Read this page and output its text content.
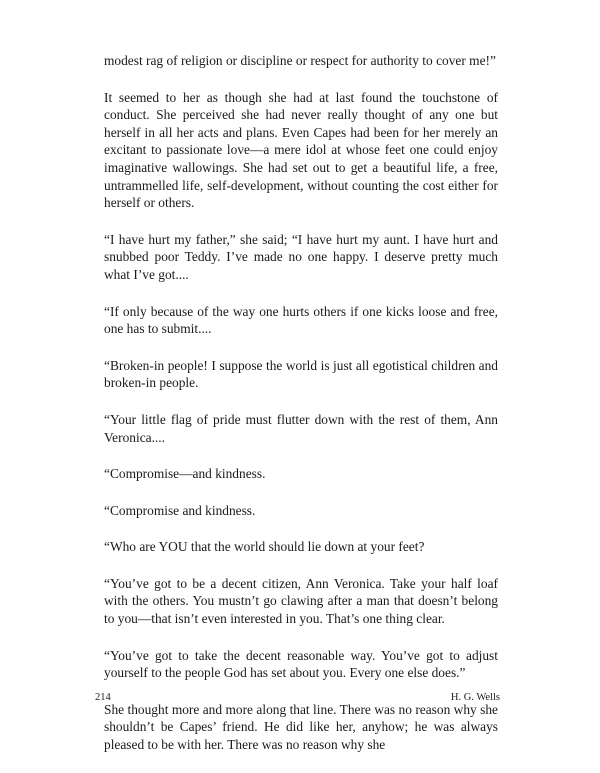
modest rag of religion or discipline or respect for authority to cover me!”

It seemed to her as though she had at last found the touchstone of conduct. She perceived she had never really thought of any one but herself in all her acts and plans. Even Capes had been for her merely an excitant to passionate love—a mere idol at whose feet one could enjoy imaginative wallowings. She had set out to get a beautiful life, a free, untrammelled life, self-development, without counting the cost either for herself or others.

“I have hurt my father,” she said; “I have hurt my aunt. I have hurt and snubbed poor Teddy. I’ve made no one happy. I deserve pretty much what I’ve got....

“If only because of the way one hurts others if one kicks loose and free, one has to submit....

“Broken-in people! I suppose the world is just all egotistical children and broken-in people.

“Your little flag of pride must flutter down with the rest of them, Ann Veronica....

“Compromise—and kindness.

“Compromise and kindness.

“Who are YOU that the world should lie down at your feet?

“You’ve got to be a decent citizen, Ann Veronica. Take your half loaf with the others. You mustn’t go clawing after a man that doesn’t belong to you—that isn’t even interested in you. That’s one thing clear.

“You’ve got to take the decent reasonable way. You’ve got to adjust yourself to the people God has set about you. Every one else does.”

She thought more and more along that line. There was no reason why she shouldn’t be Capes’ friend. He did like her, anyhow; he was always pleased to be with her. There was no reason why she

214	H. G. Wells
